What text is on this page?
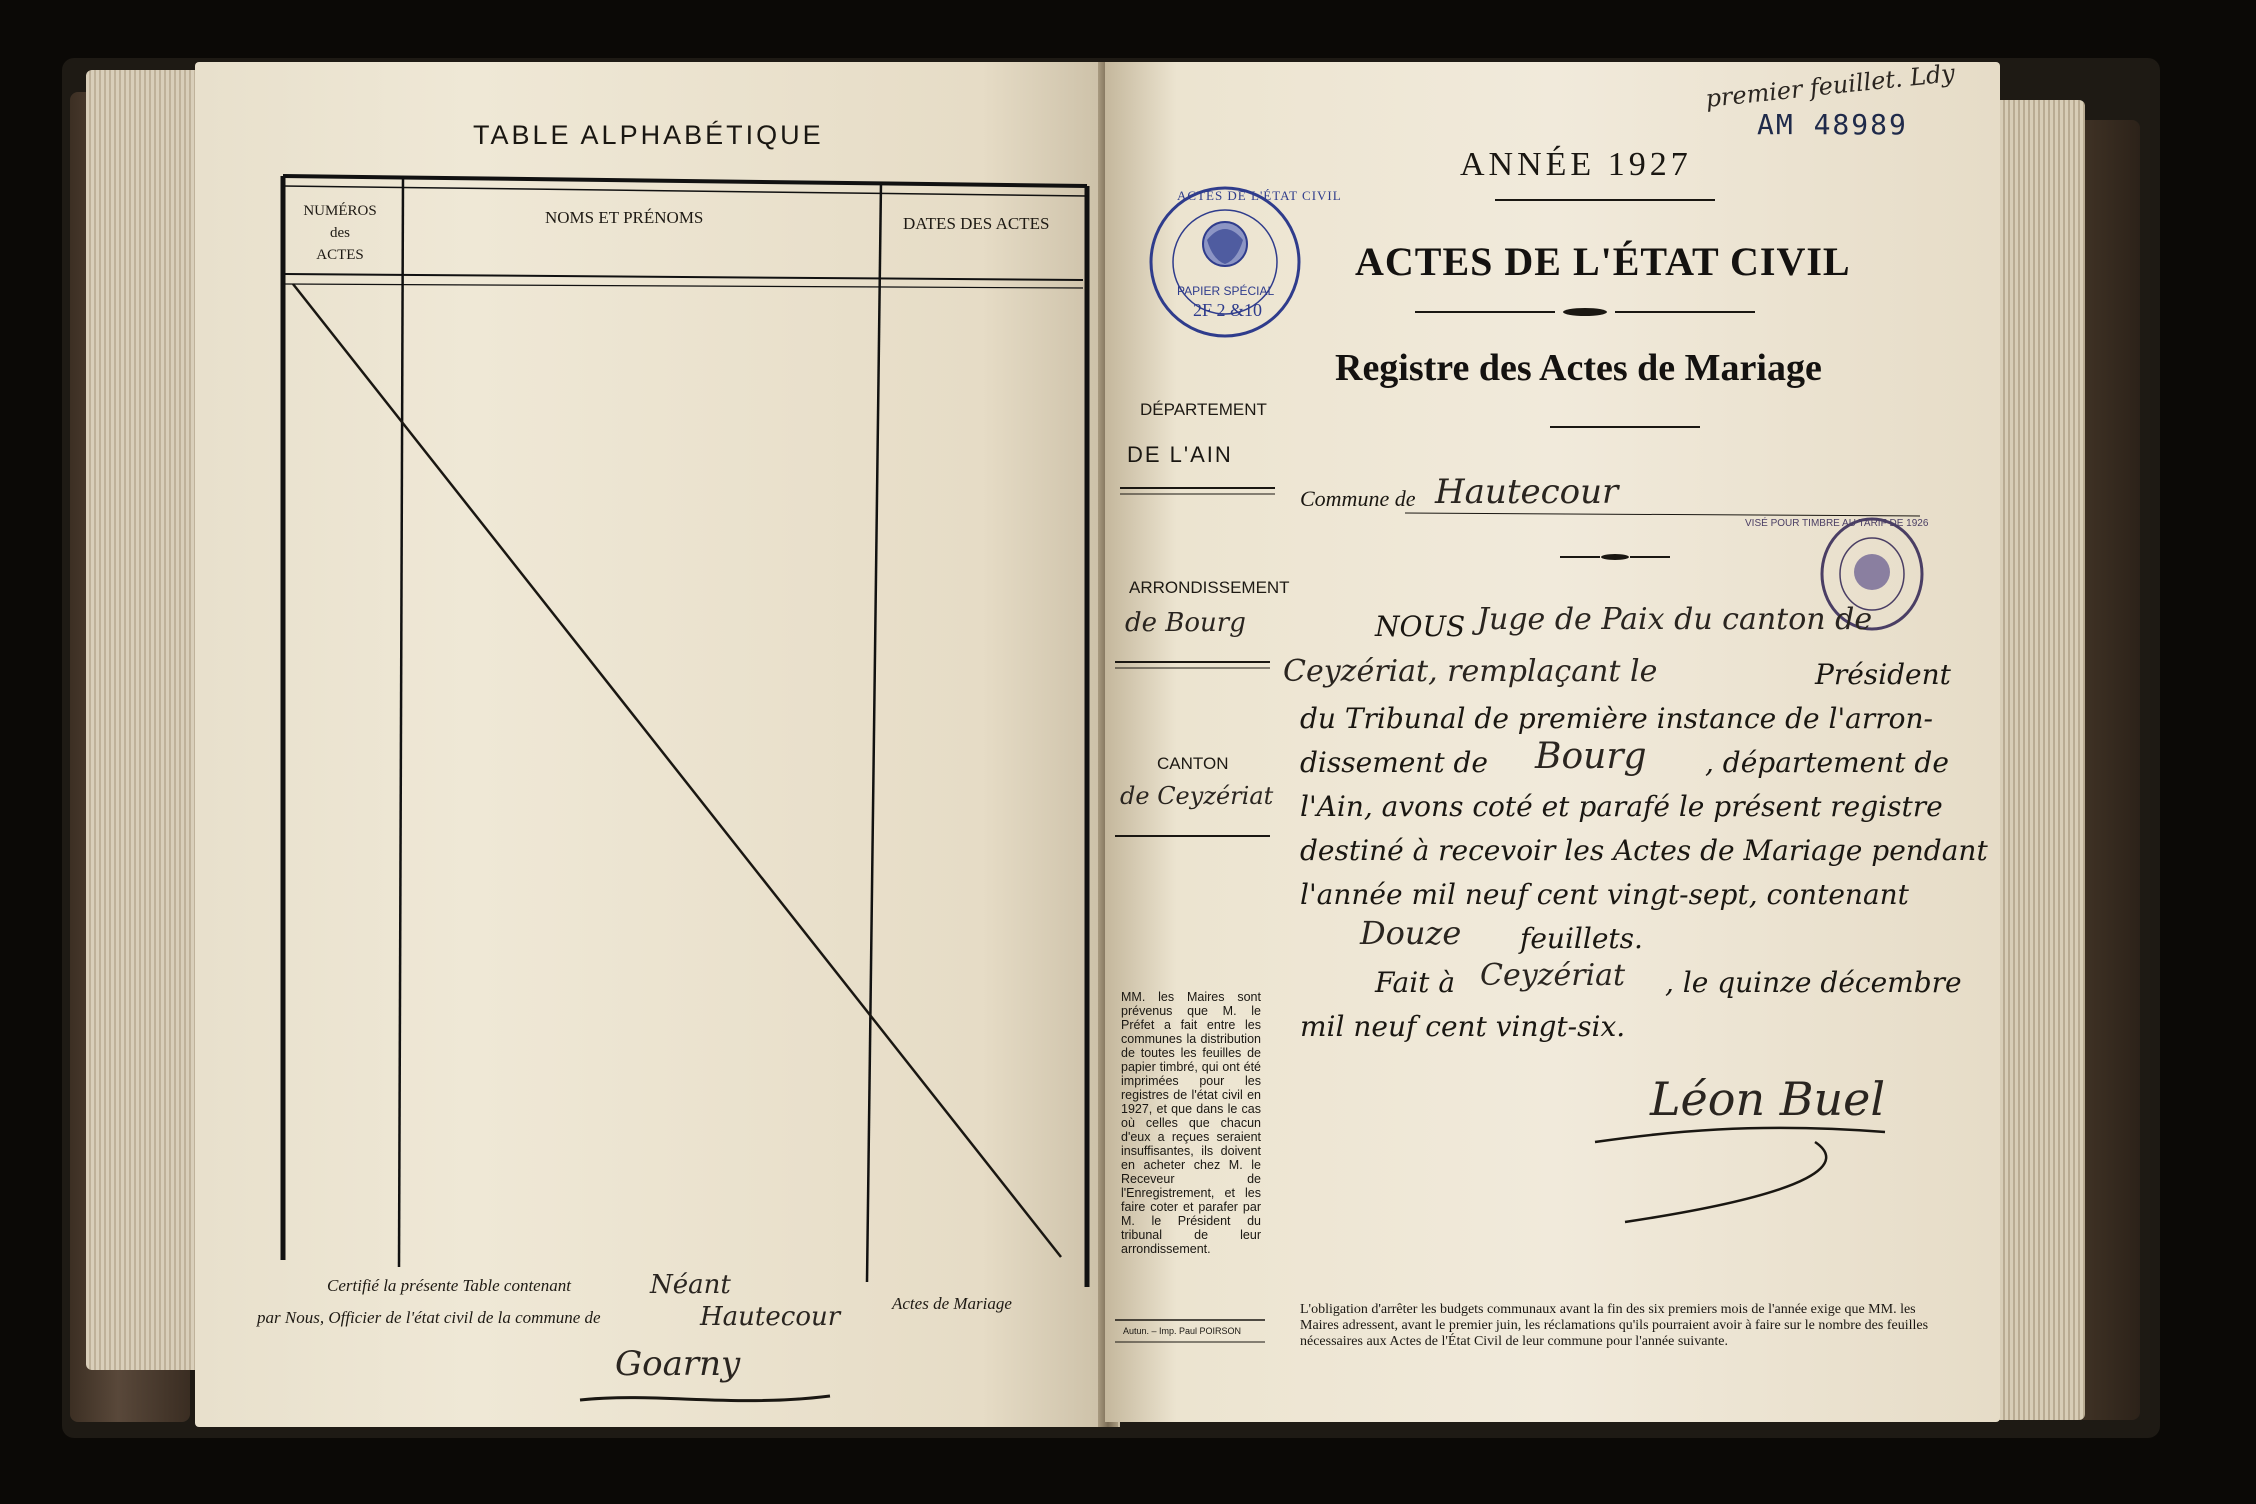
TABLE ALPHABÉTIQUE
NUMÉROS
des
ACTES
NOMS ET PRÉNOMS	DATES DES ACTES
Certifié la présente Table contenant
par Nous, Officier de l'état civil de la commune de
Actes de Mariage
Néant
Hautecour
Goarny
premier feuillet. Ldy
AM 48989
ANNÉE 1927
ACTES DE L'ÉTAT CIVIL
Registre des Actes de Mariage
ACTES DE L'ÉTAT CIVIL
PAPIER SPÉCIAL
2F 2 &10
VISÉ POUR TIMBRE AU TARIF DE 1926
DÉPARTEMENT
DE L'AIN
ARRONDISSEMENT
de Bourg
CANTON
de Ceyzériat
MM. les Maires sont prévenus que M. le Préfet a fait entre les communes la distribution de toutes les feuilles de papier timbré, qui ont été imprimées pour les registres de l'état civil en 1927, et que dans le cas où celles que chacun d'eux a reçues seraient insuffisantes, ils doivent en acheter chez M. le Receveur de l'Enregistrement, et les faire coter et parafer par M. le Président du tribunal de leur arrondissement.
Autun. – Imp. Paul POIRSON
Commune de Hautecour
NOUS Juge de Paix du canton de
Ceyzériat, remplaçant le	Président
du Tribunal de première instance de l'arron-
dissement de Bourg , département de
l'Ain, avons coté et parafé le présent registre
destiné à recevoir les Actes de Mariage pendant
l'année mil neuf cent vingt-sept, contenant
Douze feuillets.
Fait à Ceyzériat , le quinze décembre
mil neuf cent vingt-six.
Léon Buel
L'obligation d'arrêter les budgets communaux avant la fin des six premiers mois de l'année exige que MM. les Maires adressent, avant le premier juin, les réclamations qu'ils pourraient avoir à faire sur le nombre des feuilles nécessaires aux Actes de l'État Civil de leur commune pour l'année suivante.
